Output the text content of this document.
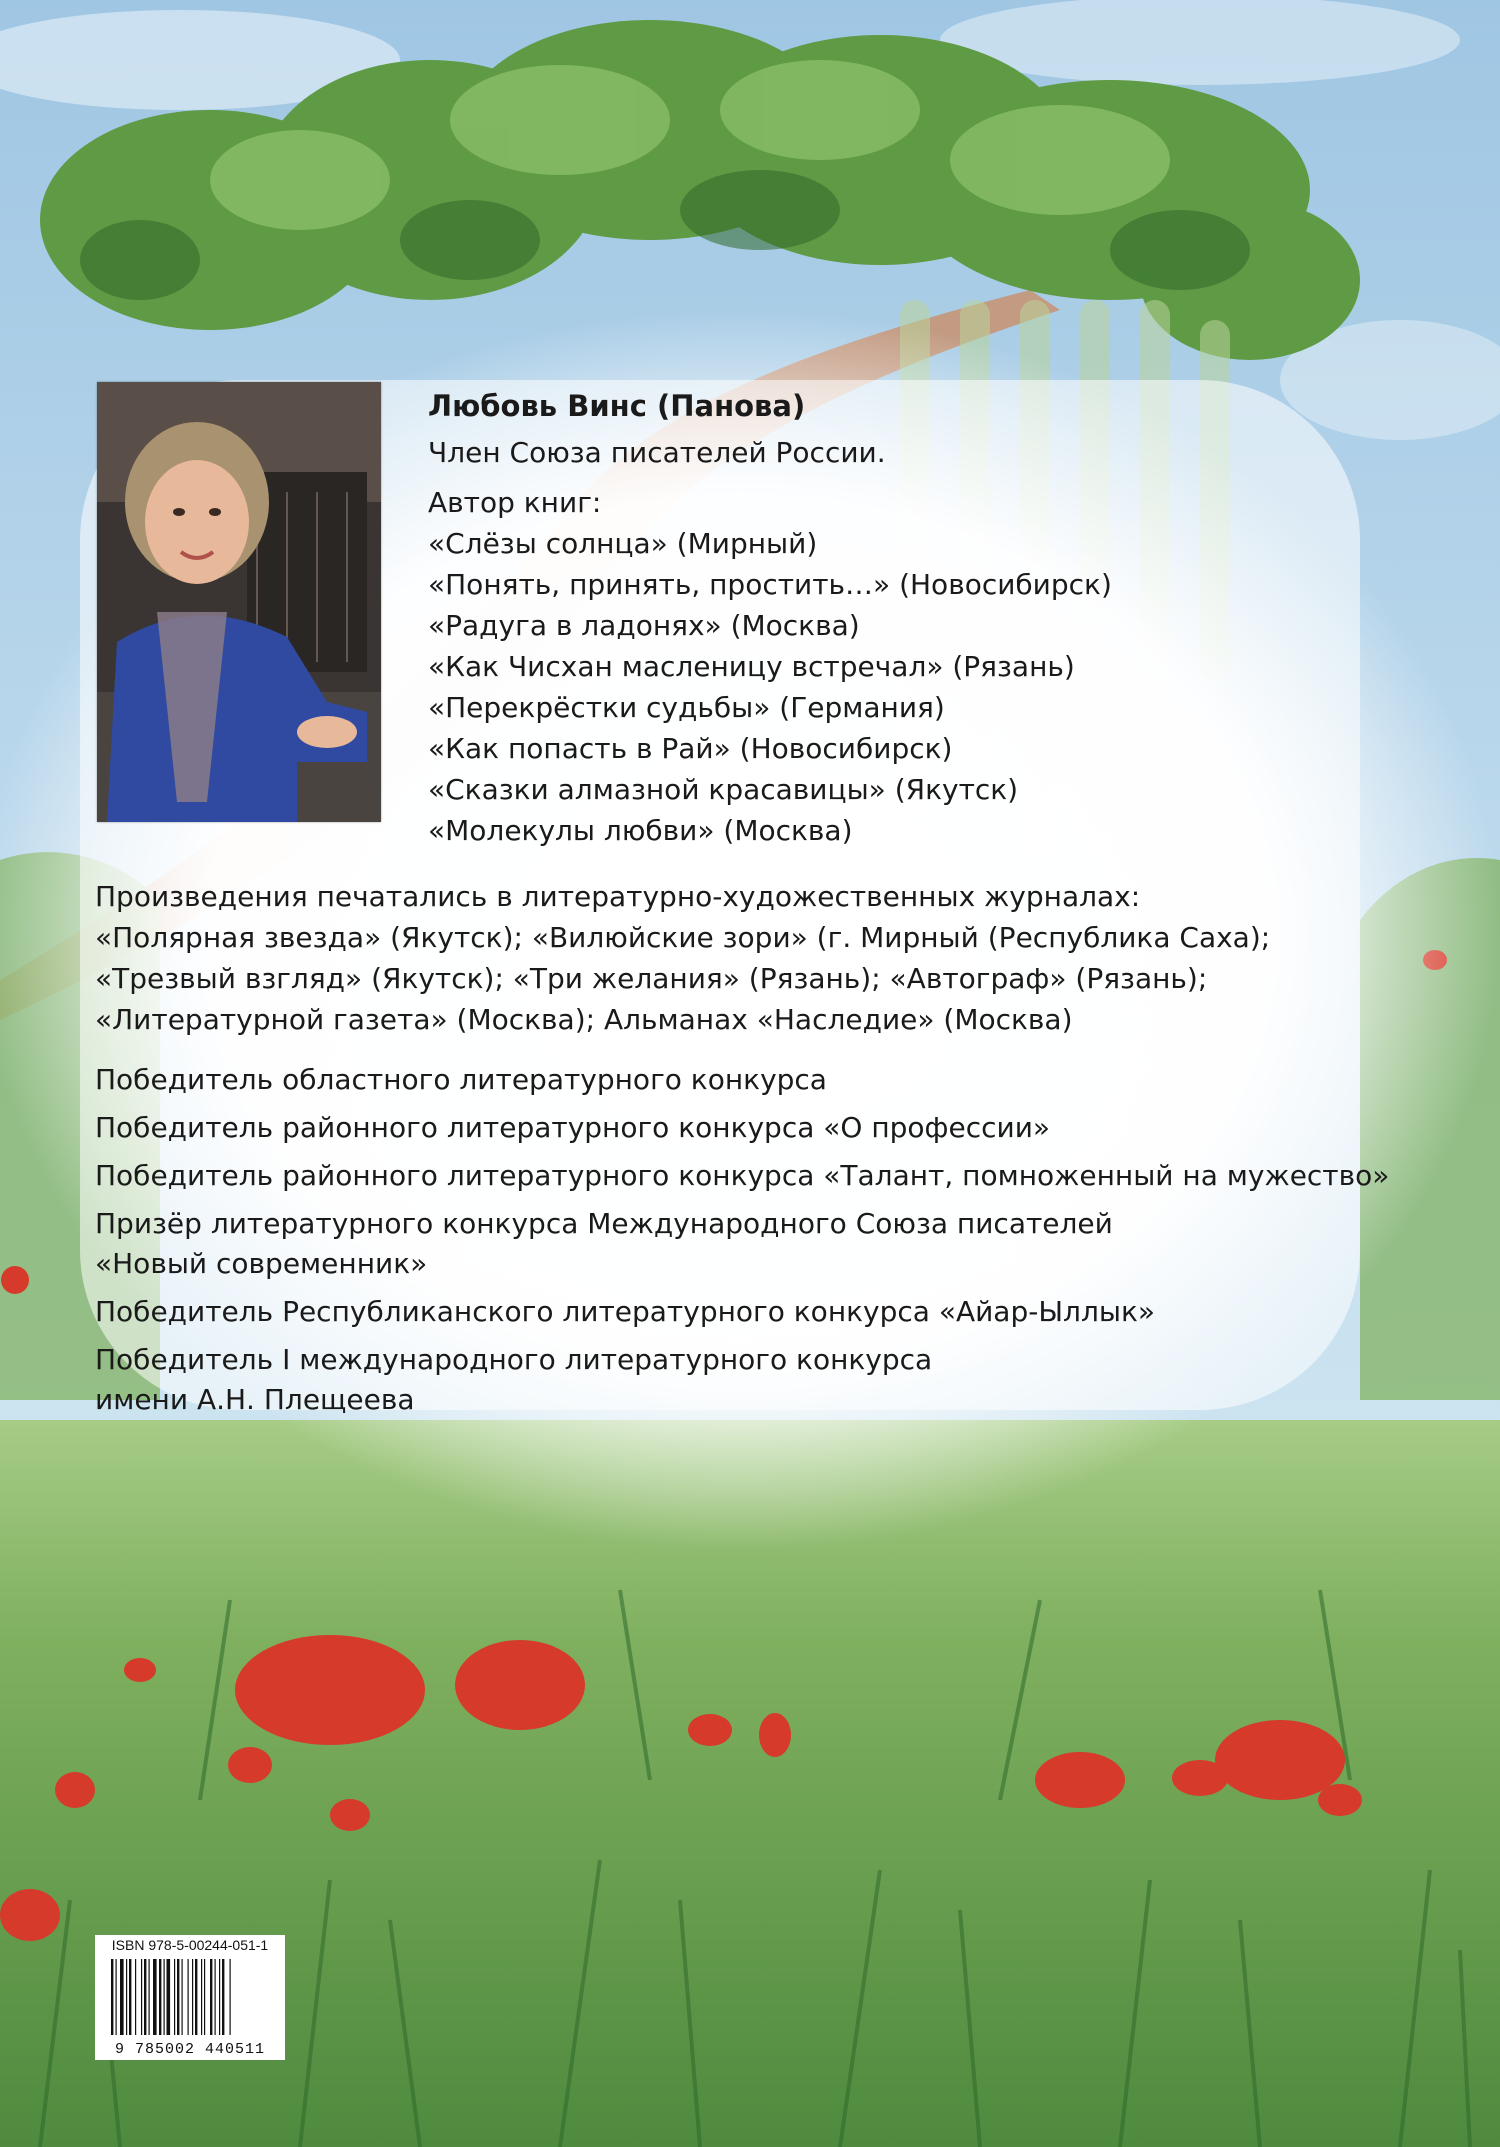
Любовь Винс (Панова)
Член Союза писателей России.
Автор книг:
«Слёзы солнца» (Мирный)
«Понять, принять, простить…» (Новосибирск)
«Радуга в ладонях» (Москва)
«Как Чисхан масленицу встречал» (Рязань)
«Перекрёстки судьбы» (Германия)
«Как попасть в Рай» (Новосибирск)
«Сказки алмазной красавицы» (Якутск)
«Молекулы любви» (Москва)
Произведения печатались в литературно-художественных журналах:
«Полярная звезда» (Якутск); «Вилюйские зори» (г. Мирный (Республика Саха);
«Трезвый взгляд» (Якутск); «Три желания» (Рязань); «Автограф» (Рязань);
«Литературной газета» (Москва); Альманах «Наследие» (Москва)
Победитель областного литературного конкурса
Победитель районного литературного конкурса «О профессии»
Победитель районного литературного конкурса «Талант, помноженный на мужество»
Призёр литературного конкурса Международного Союза писателей
«Новый современник»
Победитель Республиканского литературного конкурса «Айар-Ыллык»
Победитель I международного литературного конкурса
имени А.Н. Плещеева
ISBN 978-5-00244-051-1
9 785002 440511
